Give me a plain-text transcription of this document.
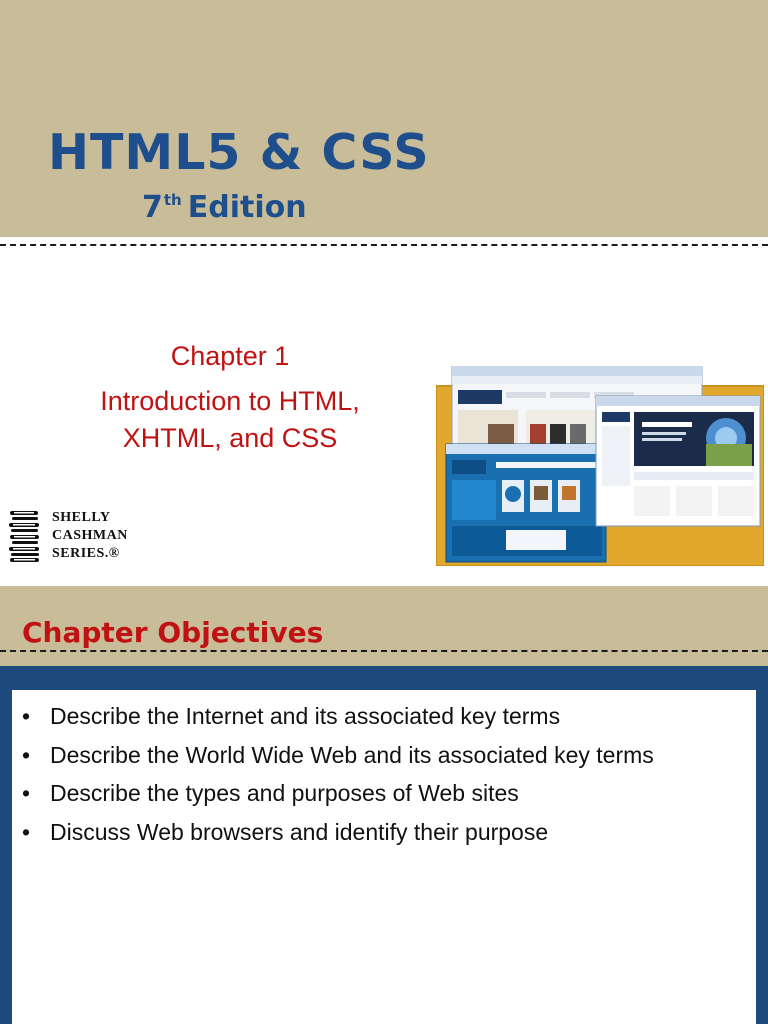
HTML5 & CSS
7th Edition
Chapter 1
Introduction to HTML,
XHTML, and CSS
SHELLY
CASHMAN
SERIES.®
Chapter Objectives
• Describe the Internet and its associated key terms
• Describe the World Wide Web and its associated key terms
• Describe the types and purposes of Web sites
• Discuss Web browsers and identify their purpose
